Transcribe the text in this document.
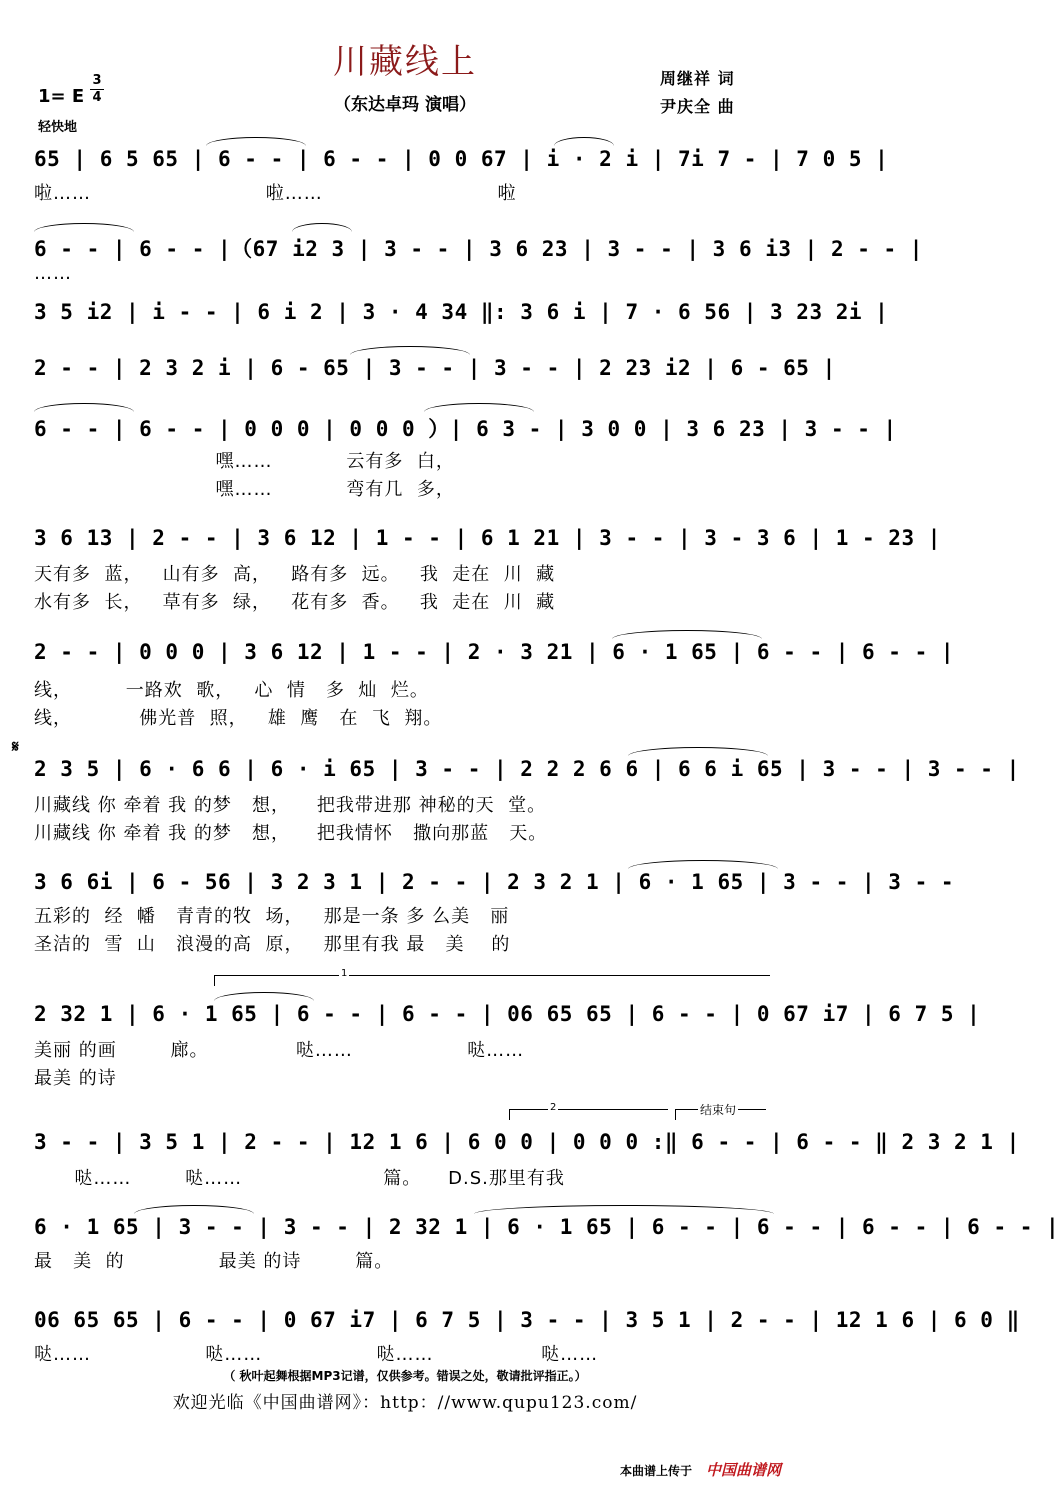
川藏线上
（东达卓玛 演唱）
周继祥 词
尹庆全 曲
1= E
3
4
轻快地
65 | 6 5 65 | 6 - - | 6 - - | 0 0 67 | i · 2 i | 7i 7 - | 7 0 5 |
啦……                          啦……                          啦
6 - - | 6 - - |（67 i2 3 | 3 - - | 3 6 23 | 3 - - | 3 6 i3 | 2 - - |
……
3 5 i2 | i - - | 6 i 2 | 3 · 4 34 ‖: 3 6 i | 7 · 6 56 | 3 23 2i |
2 - - | 2 3 2 i | 6 - 65 | 3 - - | 3 - - | 2 23 i2 | 6 - 65 |
6 - - | 6 - - | 0 0 0 | 0 0 0 ）| 6 3 - | 3 0 0 | 3 6 23 | 3 - - |
嘿……           云有多  白，
嘿……           弯有几  多，
3 6 13 | 2 - - | 3 6 12 | 1 - - | 6 1 21 | 3 - - | 3 - 3 6 | 1 - 23 |
天有多  蓝，   山有多  高，   路有多  远。   我  走在  川  藏
水有多  长，   草有多  绿，   花有多  香。   我  走在  川  藏
2 - - | 0 0 0 | 3 6 12 | 1 - - | 2 · 3 21 | 6 · 1 65 | 6 - - | 6 - - |
线，        一路欢  歌，   心  情   多  灿  烂。
线，          佛光普  照，   雄  鹰   在  飞  翔。
𝄋
2 3 5 | 6 · 6 6 | 6 · i 65 | 3 - - | 2 2 2 6 6 | 6 6 i 65 | 3 - - | 3 - - |
川藏线 你 牵着 我 的梦   想，    把我带进那 神秘的天  堂。
川藏线 你 牵着 我 的梦   想，    把我情怀   撒向那蓝   天。
3 6 6i | 6 - 56 | 3 2 3 1 | 2 - - | 2 3 2 1 | 6 · 1 65 | 3 - - | 3 - -
五彩的  经  幡   青青的牧  场，   那是一条 多 么美   丽
圣洁的  雪  山   浪漫的高  原，   那里有我 最   美    的
1
2 32 1 | 6 · 1 65 | 6 - - | 6 - - | 06 65 65 | 6 - - | 0 67 i7 | 6 7 5 |
美丽 的画        廊。             哒……                 哒……
最美 的诗
2	结束句
3 - - | 3 5 1 | 2 - - | 12 1 6 | 6 0 0 | 0 0 0 :‖ 6 - - | 6 - - ‖ 2 3 2 1 |
哒……        哒……                     篇。    D.S.那里有我
6 · 1 65 | 3 - - | 3 - - | 2 32 1 | 6 · 1 65 | 6 - - | 6 - - | 6 - - | 6 - - |
最   美  的              最美 的诗        篇。
06 65 65 | 6 - - | 0 67 i7 | 6 7 5 | 3 - - | 3 5 1 | 2 - - | 12 1 6 | 6 0 ‖
哒……                 哒……                 哒……                哒……
（ 秋叶起舞根据MP3记谱，仅供参考。错误之处，敬请批评指正。）
欢迎光临《中国曲谱网》：http：//www.qupu123.com/
本曲谱上传于 中国曲谱网
